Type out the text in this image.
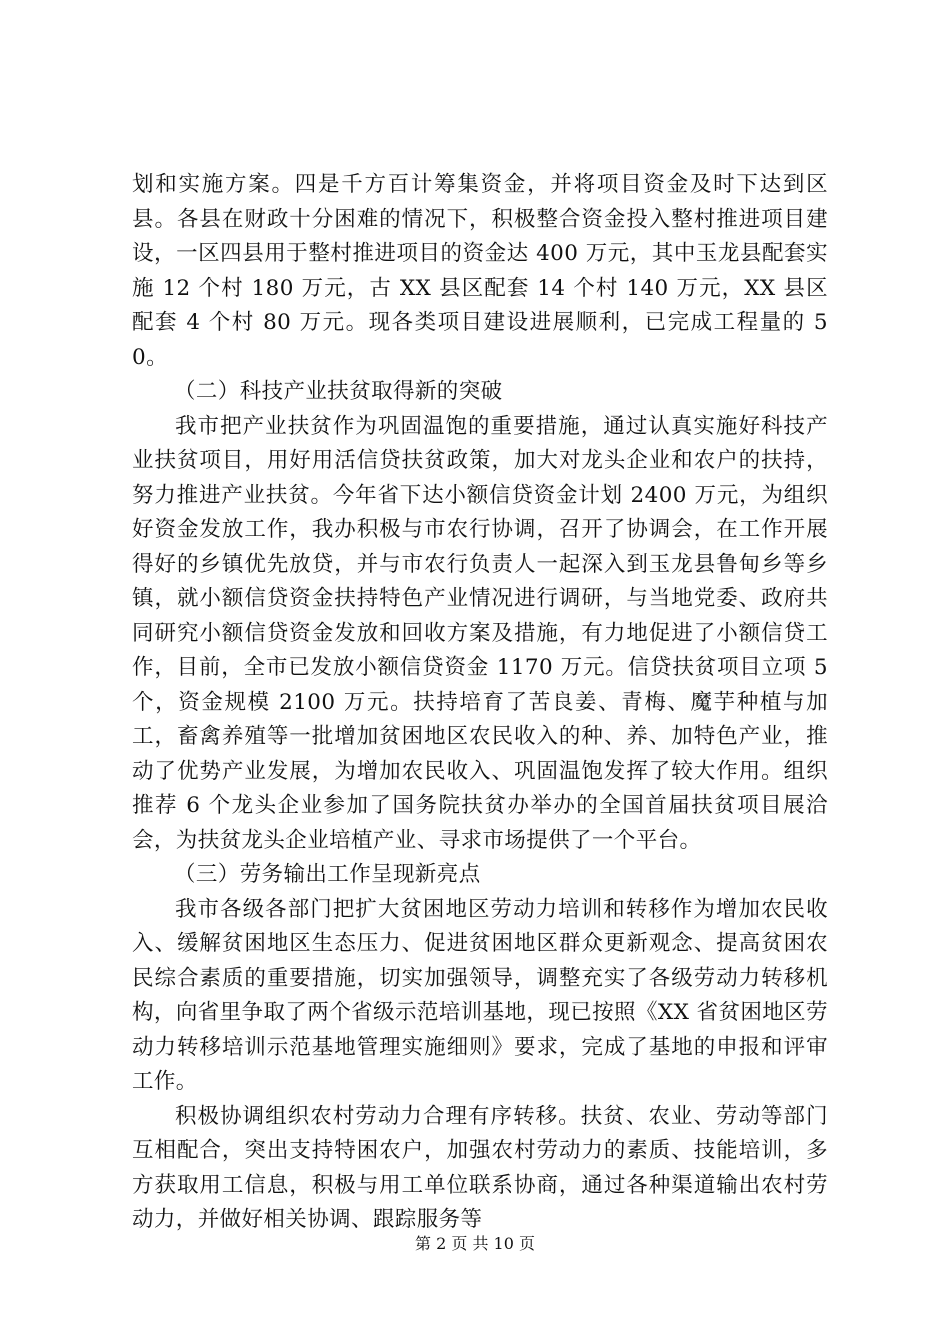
划和实施方案。四是千方百计筹集资金，并将项目资金及时下达到区县。各县在财政十分困难的情况下，积极整合资金投入整村推进项目建设，一区四县用于整村推进项目的资金达 400 万元，其中玉龙县配套实施 12 个村 180 万元，古 XX 县区配套 14 个村 140 万元，XX 县区配套 4 个村 80 万元。现各类项目建设进展顺利，已完成工程量的 50。

（二）科技产业扶贫取得新的突破

我市把产业扶贫作为巩固温饱的重要措施，通过认真实施好科技产业扶贫项目，用好用活信贷扶贫政策，加大对龙头企业和农户的扶持，努力推进产业扶贫。今年省下达小额信贷资金计划 2400 万元，为组织好资金发放工作，我办积极与市农行协调，召开了协调会，在工作开展得好的乡镇优先放贷，并与市农行负责人一起深入到玉龙县鲁甸乡等乡镇，就小额信贷资金扶持特色产业情况进行调研，与当地党委、政府共同研究小额信贷资金发放和回收方案及措施，有力地促进了小额信贷工作，目前，全市已发放小额信贷资金 1170 万元。信贷扶贫项目立项 5 个，资金规模 2100 万元。扶持培育了苦良姜、青梅、魔芋种植与加工，畜禽养殖等一批增加贫困地区农民收入的种、养、加特色产业，推动了优势产业发展，为增加农民收入、巩固温饱发挥了较大作用。组织推荐 6 个龙头企业参加了国务院扶贫办举办的全国首届扶贫项目展洽会，为扶贫龙头企业培植产业、寻求市场提供了一个平台。

（三）劳务输出工作呈现新亮点

我市各级各部门把扩大贫困地区劳动力培训和转移作为增加农民收入、缓解贫困地区生态压力、促进贫困地区群众更新观念、提高贫困农民综合素质的重要措施，切实加强领导，调整充实了各级劳动力转移机构，向省里争取了两个省级示范培训基地，现已按照《XX 省贫困地区劳动力转移培训示范基地管理实施细则》要求，完成了基地的申报和评审工作。

积极协调组织农村劳动力合理有序转移。扶贫、农业、劳动等部门互相配合，突出支持特困农户，加强农村劳动力的素质、技能培训，多方获取用工信息，积极与用工单位联系协商，通过各种渠道输出农村劳动力，并做好相关协调、跟踪服务等

第 2 页 共 10 页
